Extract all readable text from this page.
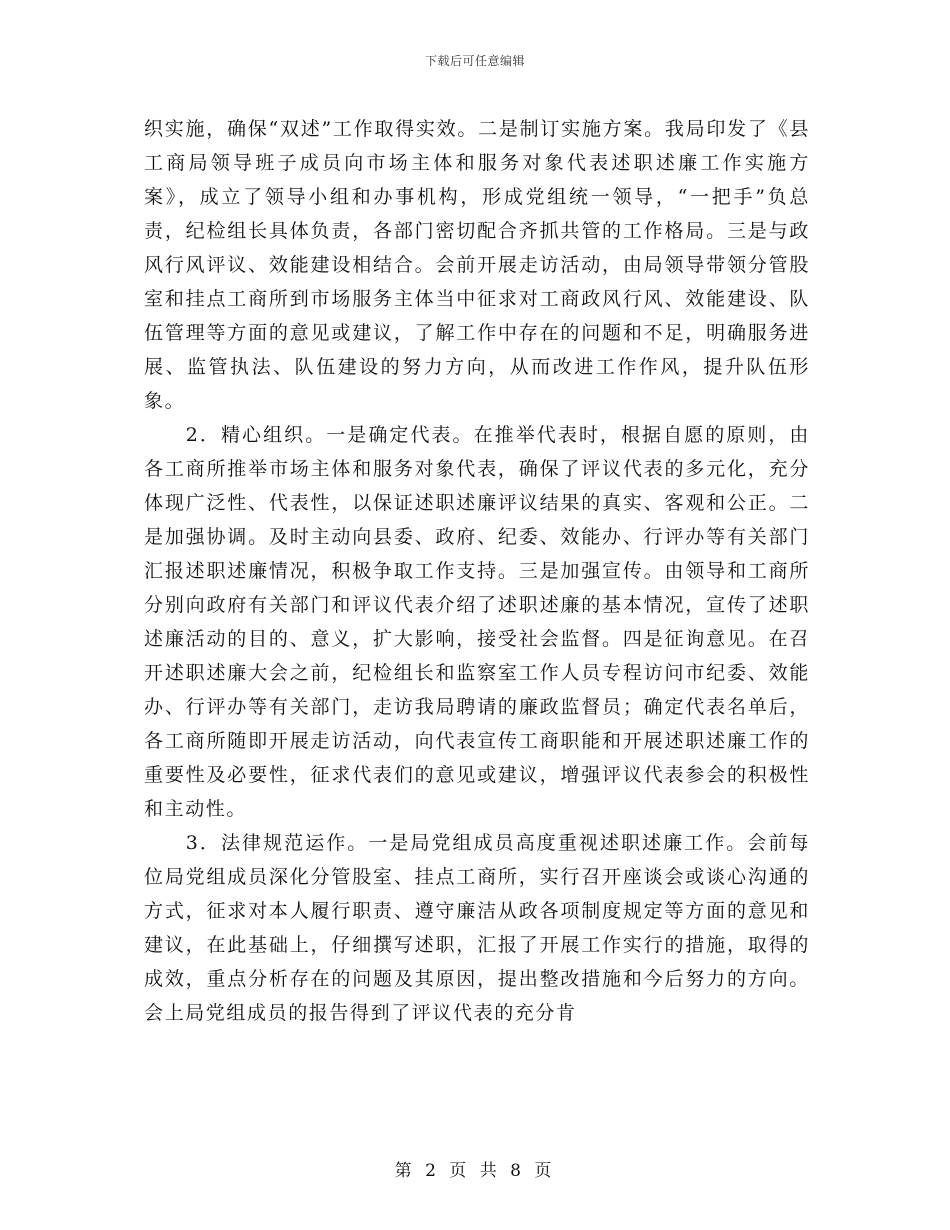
下载后可任意编辑

织实施，确保“双述”工作取得实效。二是制订实施方案。我局印发了《县工商局领导班子成员向市场主体和服务对象代表述职述廉工作实施方案》，成立了领导小组和办事机构，形成党组统一领导，“一把手”负总责，纪检组长具体负责，各部门密切配合齐抓共管的工作格局。三是与政风行风评议、效能建设相结合。会前开展走访活动，由局领导带领分管股室和挂点工商所到市场服务主体当中征求对工商政风行风、效能建设、队伍管理等方面的意见或建议，了解工作中存在的问题和不足，明确服务进展、监管执法、队伍建设的努力方向，从而改进工作作风，提升队伍形象。

2．精心组织。一是确定代表。在推举代表时，根据自愿的原则，由各工商所推举市场主体和服务对象代表，确保了评议代表的多元化，充分体现广泛性、代表性，以保证述职述廉评议结果的真实、客观和公正。二是加强协调。及时主动向县委、政府、纪委、效能办、行评办等有关部门汇报述职述廉情况，积极争取工作支持。三是加强宣传。由领导和工商所分别向政府有关部门和评议代表介绍了述职述廉的基本情况，宣传了述职述廉活动的目的、意义，扩大影响，接受社会监督。四是征询意见。在召开述职述廉大会之前，纪检组长和监察室工作人员专程访问市纪委、效能办、行评办等有关部门，走访我局聘请的廉政监督员；确定代表名单后，各工商所随即开展走访活动，向代表宣传工商职能和开展述职述廉工作的重要性及必要性，征求代表们的意见或建议，增强评议代表参会的积极性和主动性。

3．法律规范运作。一是局党组成员高度重视述职述廉工作。会前每位局党组成员深化分管股室、挂点工商所，实行召开座谈会或谈心沟通的方式，征求对本人履行职责、遵守廉洁从政各项制度规定等方面的意见和建议，在此基础上，仔细撰写述职，汇报了开展工作实行的措施，取得的成效，重点分析存在的问题及其原因，提出整改措施和今后努力的方向。会上局党组成员的报告得到了评议代表的充分肯

第 2 页 共 8 页
